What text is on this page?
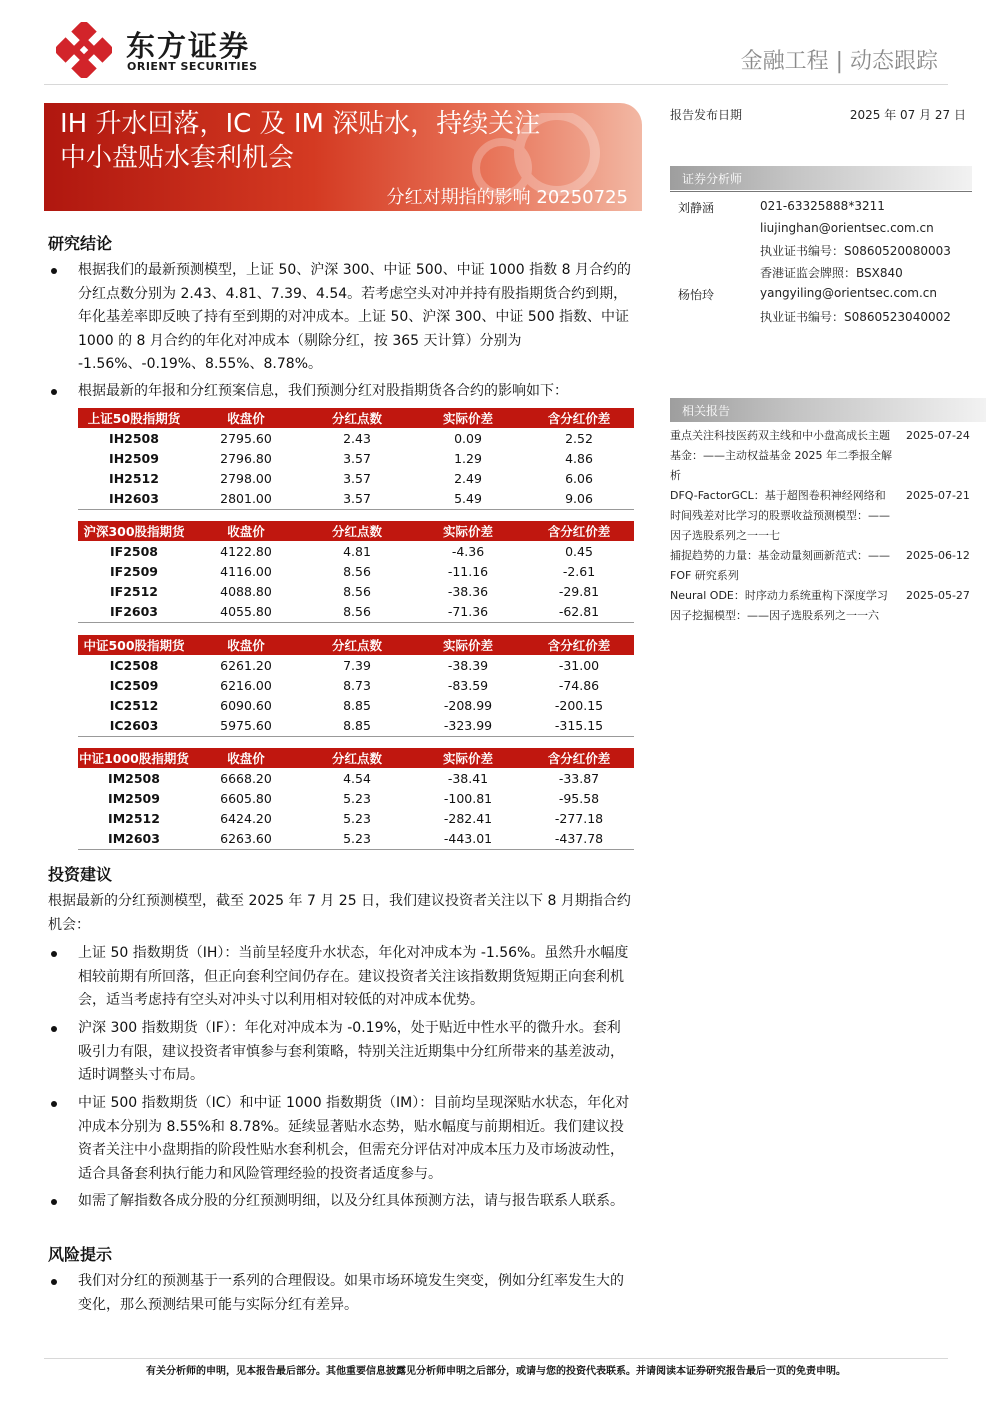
东方证券
ORIENT SECURITIES	金融工程 | 动态跟踪
IH 升水回落，IC 及 IM 深贴水，持续关注
中小盘贴水套利机会
分红对期指的影响 20250725
报告发布日期	2025 年 07 月 27 日
证券分析师
刘静涵	021-63325888*3211
liujinghan@orientsec.com.cn
执业证书编号：S0860520080003
香港证监会牌照：BSX840
杨怡玲	yangyiling@orientsec.com.cn
执业证书编号：S0860523040002
相关报告
重点关注科技医药双主线和中小盘高成长主题基金：——主动权益基金 2025 年二季报全解析
2025-07-24
DFQ-FactorGCL：基于超图卷积神经网络和时间残差对比学习的股票收益预测模型：——因子选股系列之一一七
2025-07-21
捕捉趋势的力量：基金动量刻画新范式：——FOF 研究系列
2025-06-12
Neural ODE：时序动力系统重构下深度学习因子挖掘模型：——因子选股系列之一一六
2025-05-27
研究结论
根据我们的最新预测模型，上证 50、沪深 300、中证 500、中证 1000 指数 8 月合约的分红点数分别为 2.43、4.81、7.39、4.54。若考虑空头对冲并持有股指期货合约到期，年化基差率即反映了持有至到期的对冲成本。上证 50、沪深 300、中证 500 指数、中证 1000 的 8 月合约的年化对冲成本（剔除分红，按 365 天计算）分别为 -1.56%、-0.19%、8.55%、8.78%。
根据最新的年报和分红预案信息，我们预测分红对股指期货各合约的影响如下：
上证50股指期货	收盘价	分红点数	实际价差	含分红价差
IH2508	2795.60	2.43	0.09	2.52
IH2509	2796.80	3.57	1.29	4.86
IH2512	2798.00	3.57	2.49	6.06
IH2603	2801.00	3.57	5.49	9.06
沪深300股指期货	收盘价	分红点数	实际价差	含分红价差
IF2508	4122.80	4.81	-4.36	0.45
IF2509	4116.00	8.56	-11.16	-2.61
IF2512	4088.80	8.56	-38.36	-29.81
IF2603	4055.80	8.56	-71.36	-62.81
中证500股指期货	收盘价	分红点数	实际价差	含分红价差
IC2508	6261.20	7.39	-38.39	-31.00
IC2509	6216.00	8.73	-83.59	-74.86
IC2512	6090.60	8.85	-208.99	-200.15
IC2603	5975.60	8.85	-323.99	-315.15
中证1000股指期货	收盘价	分红点数	实际价差	含分红价差
IM2508	6668.20	4.54	-38.41	-33.87
IM2509	6605.80	5.23	-100.81	-95.58
IM2512	6424.20	5.23	-282.41	-277.18
IM2603	6263.60	5.23	-443.01	-437.78
投资建议
根据最新的分红预测模型，截至 2025 年 7 月 25 日，我们建议投资者关注以下 8 月期指合约机会：
上证 50 指数期货（IH）：当前呈轻度升水状态，年化对冲成本为 -1.56%。虽然升水幅度相较前期有所回落，但正向套利空间仍存在。建议投资者关注该指数期货短期正向套利机会，适当考虑持有空头对冲头寸以利用相对较低的对冲成本优势。
沪深 300 指数期货（IF）：年化对冲成本为 -0.19%，处于贴近中性水平的微升水。套利吸引力有限，建议投资者审慎参与套利策略，特别关注近期集中分红所带来的基差波动，适时调整头寸布局。
中证 500 指数期货（IC）和中证 1000 指数期货（IM）：目前均呈现深贴水状态，年化对冲成本分别为 8.55%和 8.78%。延续显著贴水态势，贴水幅度与前期相近。我们建议投资者关注中小盘期指的阶段性贴水套利机会，但需充分评估对冲成本压力及市场波动性，适合具备套利执行能力和风险管理经验的投资者适度参与。
如需了解指数各成分股的分红预测明细，以及分红具体预测方法，请与报告联系人联系。
风险提示
我们对分红的预测基于一系列的合理假设。如果市场环境发生突变，例如分红率发生大的变化，那么预测结果可能与实际分红有差异。
有关分析师的申明，见本报告最后部分。其他重要信息披露见分析师申明之后部分，或请与您的投资代表联系。并请阅读本证券研究报告最后一页的免责申明。
